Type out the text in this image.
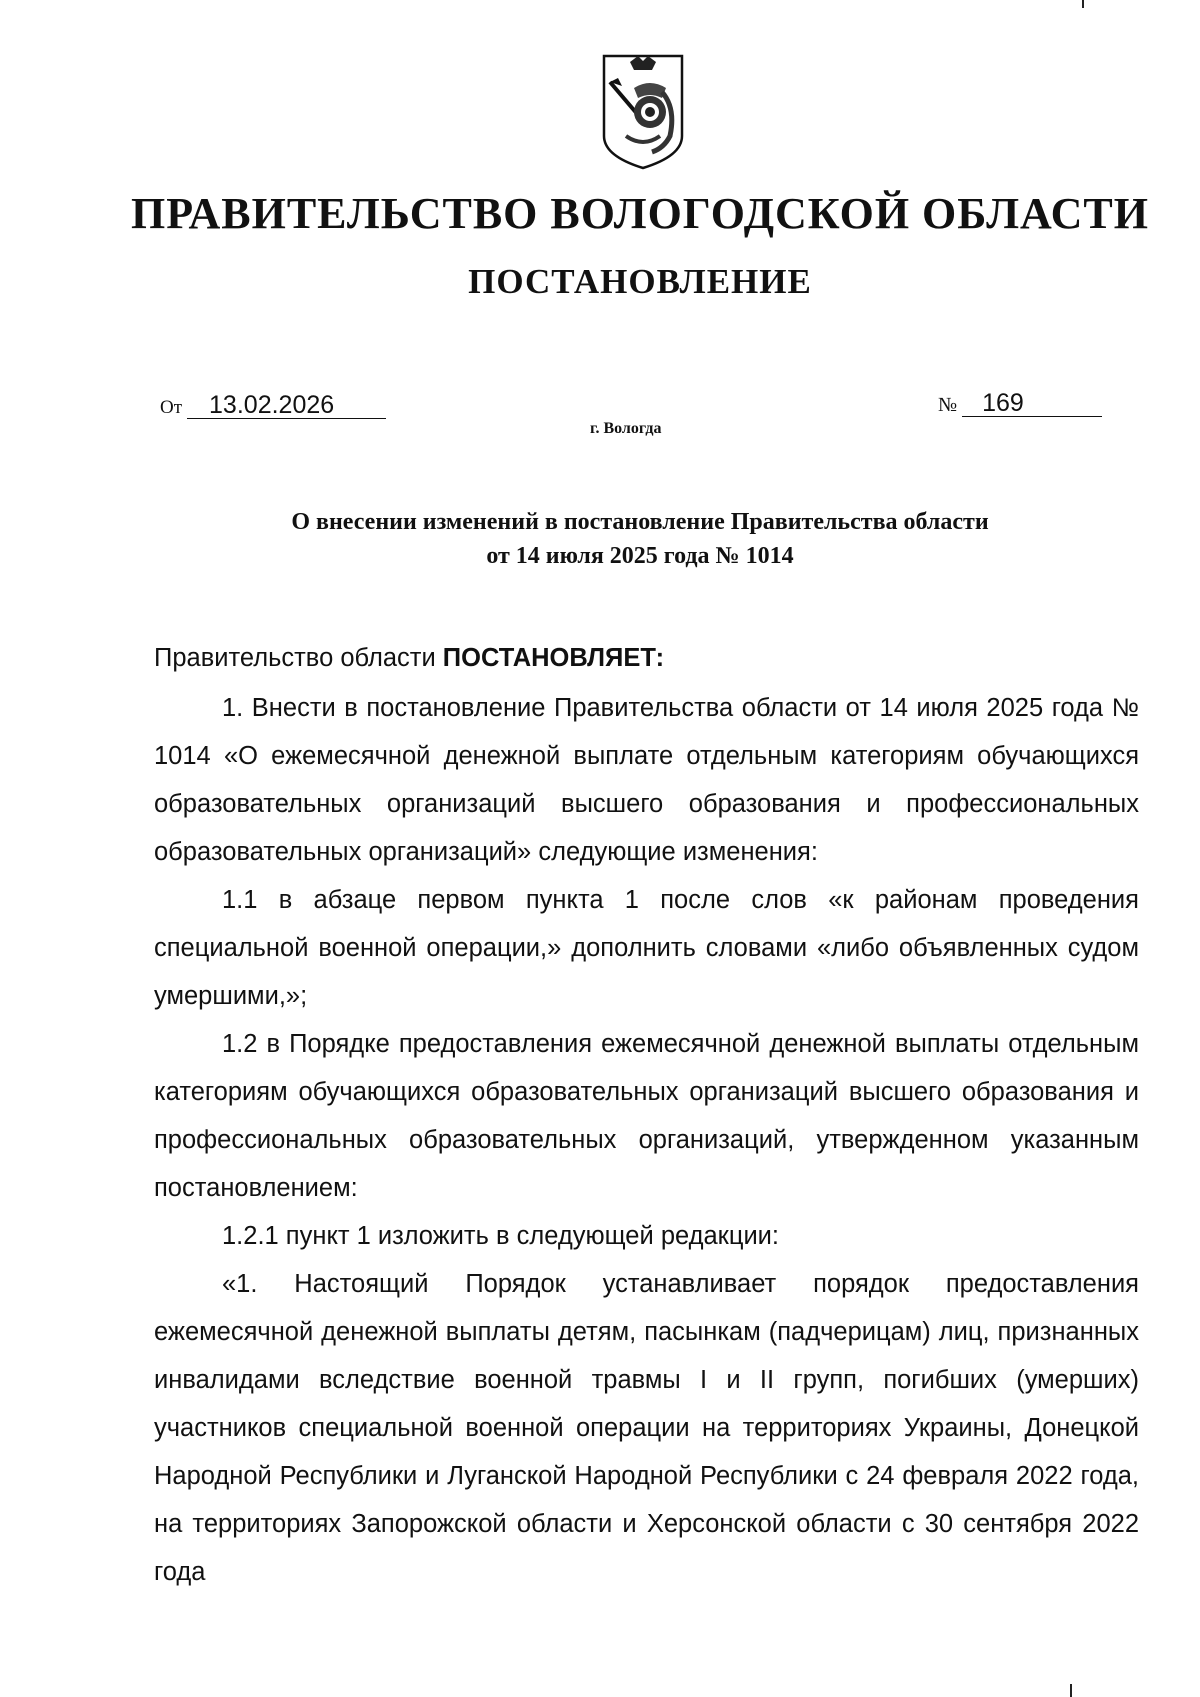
ПРАВИТЕЛЬСТВО ВОЛОГОДСКОЙ ОБЛАСТИ
ПОСТАНОВЛЕНИЕ
От 13.02.2026	№ 169
г. Вологда
О внесении изменений в постановление Правительства области
от 14 июля 2025 года № 1014

Правительство области ПОСТАНОВЛЯЕТ:

1. Внести в постановление Правительства области от 14 июля 2025 года № 1014 «О ежемесячной денежной выплате отдельным категориям обучающихся образовательных организаций высшего образования и профессиональных образовательных организаций» следующие изменения:

1.1 в абзаце первом пункта 1 после слов «к районам проведения специальной военной операции,» дополнить словами «либо объявленных судом умершими,»;

1.2 в Порядке предоставления ежемесячной денежной выплаты отдельным категориям обучающихся образовательных организаций высшего образования и профессиональных образовательных организаций, утвержденном указанным постановлением:

1.2.1 пункт 1 изложить в следующей редакции:

«1. Настоящий Порядок устанавливает порядок предоставления ежемесячной денежной выплаты детям, пасынкам (падчерицам) лиц, признанных инвалидами вследствие военной травмы I и II групп, погибших (умерших) участников специальной военной операции на территориях Украины, Донецкой Народной Республики и Луганской Народной Республики с 24 февраля 2022 года, на территориях Запорожской области и Херсонской области с 30 сентября 2022 года
